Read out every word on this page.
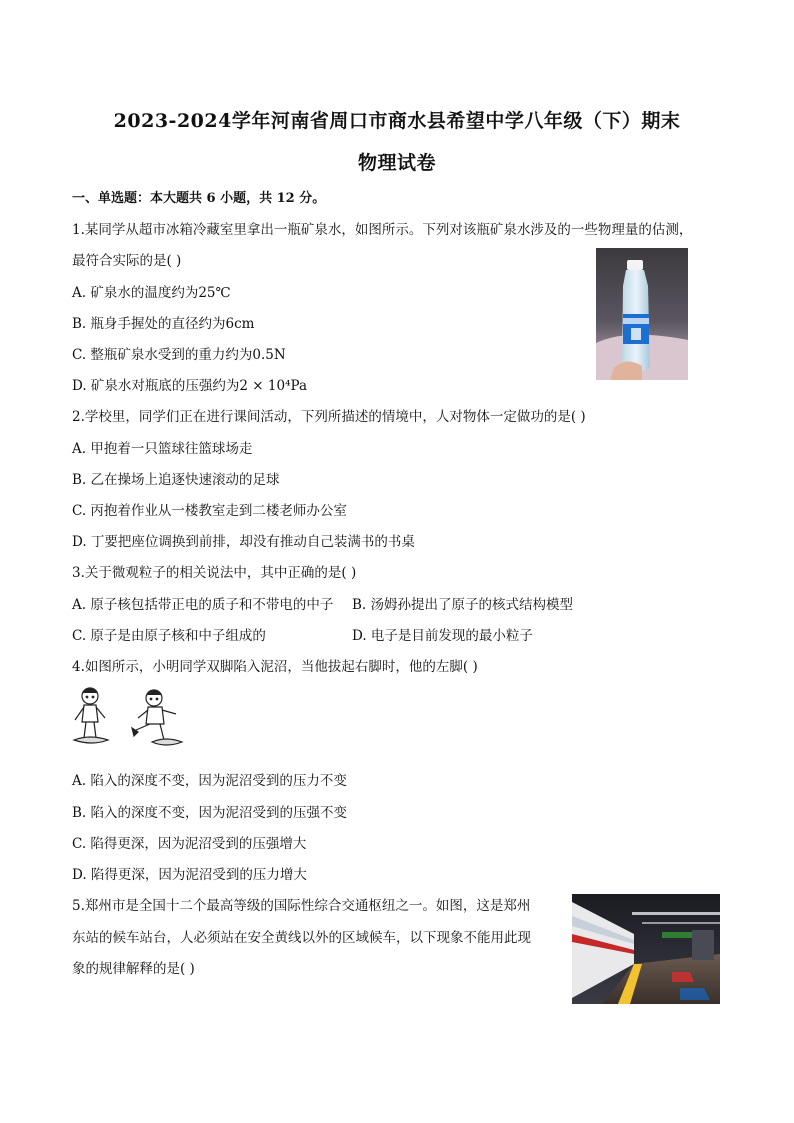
2023-2024学年河南省周口市商水县希望中学八年级（下）期末
物理试卷
一、单选题：本大题共 6 小题，共 12 分。
1.某同学从超市冰箱冷藏室里拿出一瓶矿泉水，如图所示。下列对该瓶矿泉水涉及的一些物理量的估测，
最符合实际的是( )
A. 矿泉水的温度约为25℃
B. 瓶身手握处的直径约为6cm
C. 整瓶矿泉水受到的重力约为0.5N
D. 矿泉水对瓶底的压强约为2 × 10⁴Pa
2.学校里，同学们正在进行课间活动，下列所描述的情境中，人对物体一定做功的是( )
A. 甲抱着一只篮球往篮球场走
B. 乙在操场上追逐快速滚动的足球
C. 丙抱着作业从一楼教室走到二楼老师办公室
D. 丁要把座位调换到前排，却没有推动自己装满书的书桌
3.关于微观粒子的相关说法中，其中正确的是( )
A. 原子核包括带正电的质子和不带电的中子 B. 汤姆孙提出了原子的核式结构模型
C. 原子是由原子核和中子组成的	D. 电子是目前发现的最小粒子
4.如图所示，小明同学双脚陷入泥沼，当他拔起右脚时，他的左脚( )
A. 陷入的深度不变，因为泥沼受到的压力不变
B. 陷入的深度不变，因为泥沼受到的压强不变
C. 陷得更深，因为泥沼受到的压强增大
D. 陷得更深，因为泥沼受到的压力增大
5.郑州市是全国十二个最高等级的国际性综合交通枢纽之一。如图，这是郑州
东站的候车站台，人必须站在安全黄线以外的区域候车，以下现象不能用此现
象的规律解释的是( )
